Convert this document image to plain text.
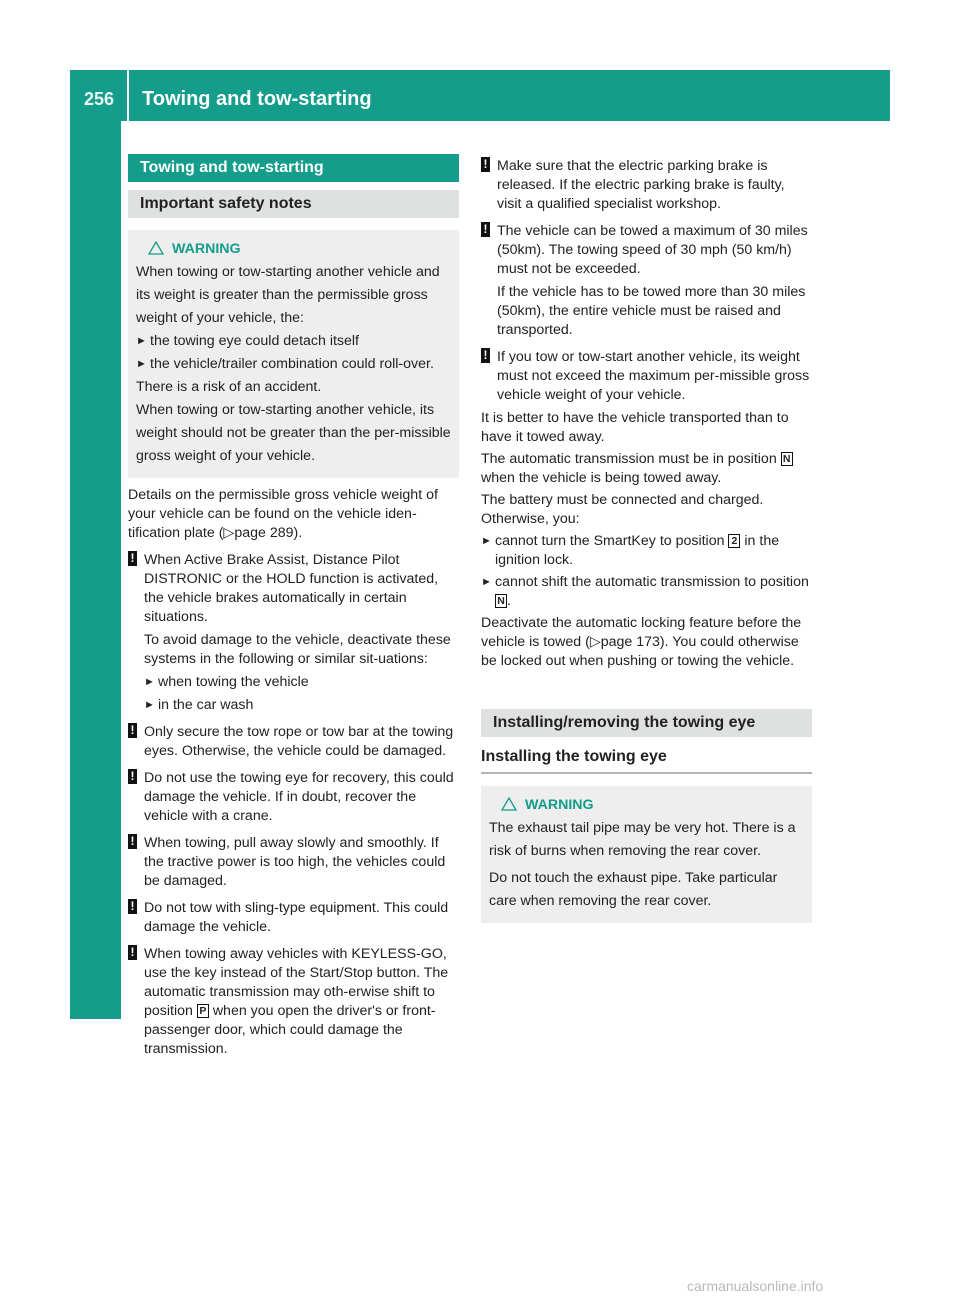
256 Towing and tow-starting
Breakdown assistance
Towing and tow-starting
Important safety notes
WARNING

When towing or tow-starting another vehicle and its weight is greater than the permissible gross weight of your vehicle, the:

► the towing eye could detach itself

► the vehicle/trailer combination could roll-over.

There is a risk of an accident.

When towing or tow-starting another vehicle, its weight should not be greater than the per-missible gross weight of your vehicle.

Details on the permissible gross vehicle weight of your vehicle can be found on the vehicle iden-tification plate (▷page 289).

! When Active Brake Assist, Distance Pilot DISTRONIC or the HOLD function is activated, the vehicle brakes automatically in certain situations.

To avoid damage to the vehicle, deactivate these systems in the following or similar sit-uations:

► when towing the vehicle

► in the car wash

! Only secure the tow rope or tow bar at the towing eyes. Otherwise, the vehicle could be damaged.

! Do not use the towing eye for recovery, this could damage the vehicle. If in doubt, recover the vehicle with a crane.

! When towing, pull away slowly and smoothly. If the tractive power is too high, the vehicles could be damaged.

! Do not tow with sling-type equipment. This could damage the vehicle.

! When towing away vehicles with KEYLESS-GO, use the key instead of the Start/Stop button. The automatic transmission may oth-erwise shift to position P when you open the driver's or front-passenger door, which could damage the transmission.

! Make sure that the electric parking brake is released. If the electric parking brake is faulty, visit a qualified specialist workshop.

! The vehicle can be towed a maximum of 30 miles (50km). The towing speed of 30 mph (50 km/h) must not be exceeded.

If the vehicle has to be towed more than 30 miles (50km), the entire vehicle must be raised and transported.

! If you tow or tow-start another vehicle, its weight must not exceed the maximum per-missible gross vehicle weight of your vehicle.

It is better to have the vehicle transported than to have it towed away.

The automatic transmission must be in position N when the vehicle is being towed away.

The battery must be connected and charged. Otherwise, you:

► cannot turn the SmartKey to position 2 in the ignition lock.

► cannot shift the automatic transmission to position N .

Deactivate the automatic locking feature before the vehicle is towed (▷page 173). You could otherwise be locked out when pushing or towing the vehicle.

Installing/removing the towing eye
Installing the towing eye
WARNING

The exhaust tail pipe may be very hot. There is a risk of burns when removing the rear cover.

Do not touch the exhaust pipe. Take particular care when removing the rear cover.

carmanualsonline.info
